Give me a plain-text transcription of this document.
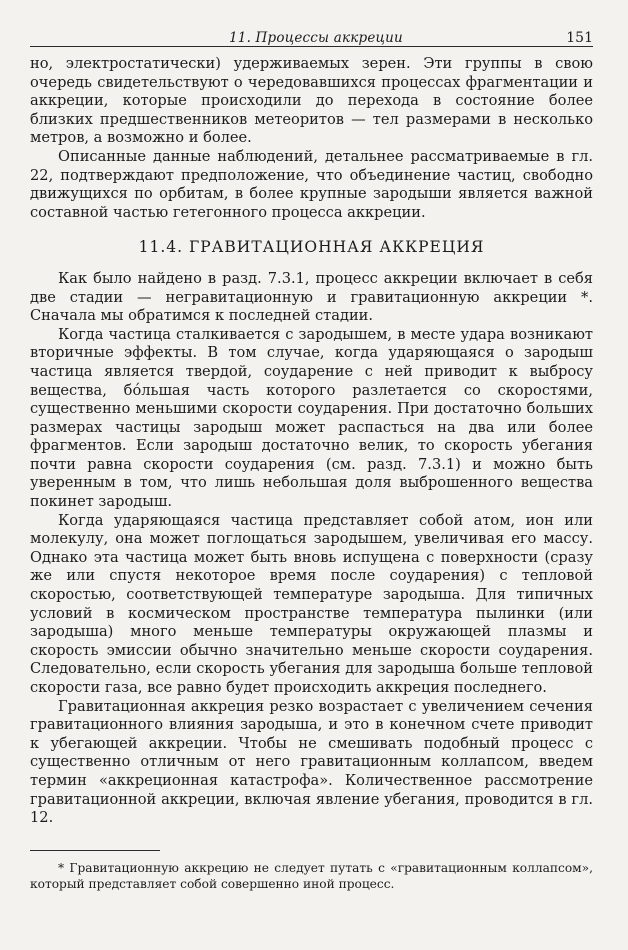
11. Процессы аккреции	151

но, электростатически) удерживаемых зерен. Эти группы в свою очередь свидетельствуют о чередовавшихся процессах фрагментации и аккреции, которые происходили до перехода в состояние более близких предшественников метеоритов — тел размерами в несколько метров, а возможно и более.

Описанные данные наблюдений, детальнее рассматриваемые в гл. 22, подтверждают предположение, что объединение частиц, свободно движущихся по орбитам, в более крупные зародыши является важной составной частью гетегонного процесса аккреции.

11.4. ГРАВИТАЦИОННАЯ АККРЕЦИЯ

Как было найдено в разд. 7.3.1, процесс аккреции включает в себя две стадии — негравитационную и гравитационную аккреции *. Сначала мы обратимся к последней стадии.

Когда частица сталкивается с зародышем, в месте удара возникают вторичные эффекты. В том случае, когда ударяющаяся о зародыш частица является твердой, соударение с ней приводит к выбросу вещества, бóльшая часть которого разлетается со скоростями, существенно меньшими скорости соударения. При достаточно больших размерах частицы зародыш может распасться на два или более фрагментов. Если зародыш достаточно велик, то скорость убегания почти равна скорости соударения (см. разд. 7.3.1) и можно быть уверенным в том, что лишь небольшая доля выброшенного вещества покинет зародыш.

Когда ударяющаяся частица представляет собой атом, ион или молекулу, она может поглощаться зародышем, увеличивая его массу. Однако эта частица может быть вновь испущена с поверхности (сразу же или спустя некоторое время после соударения) с тепловой скоростью, соответствующей температуре зародыша. Для типичных условий в космическом пространстве температура пылинки (или зародыша) много меньше температуры окружающей плазмы и скорость эмиссии обычно значительно меньше скорости соударения. Следовательно, если скорость убегания для зародыша больше тепловой скорости газа, все равно будет происходить аккреция последнего.

Гравитационная аккреция резко возрастает с увеличением сечения гравитационного влияния зародыша, и это в конечном счете приводит к убегающей аккреции. Чтобы не смешивать подобный процесс с существенно отличным от него гравитационным коллапсом, введем термин «аккреционная катастрофа». Количественное рассмотрение гравитационной аккреции, включая явление убегания, проводится в гл. 12.

* Гравитационную аккрецию не следует путать с «гравитационным коллапсом», который представляет собой совершенно иной процесс.
